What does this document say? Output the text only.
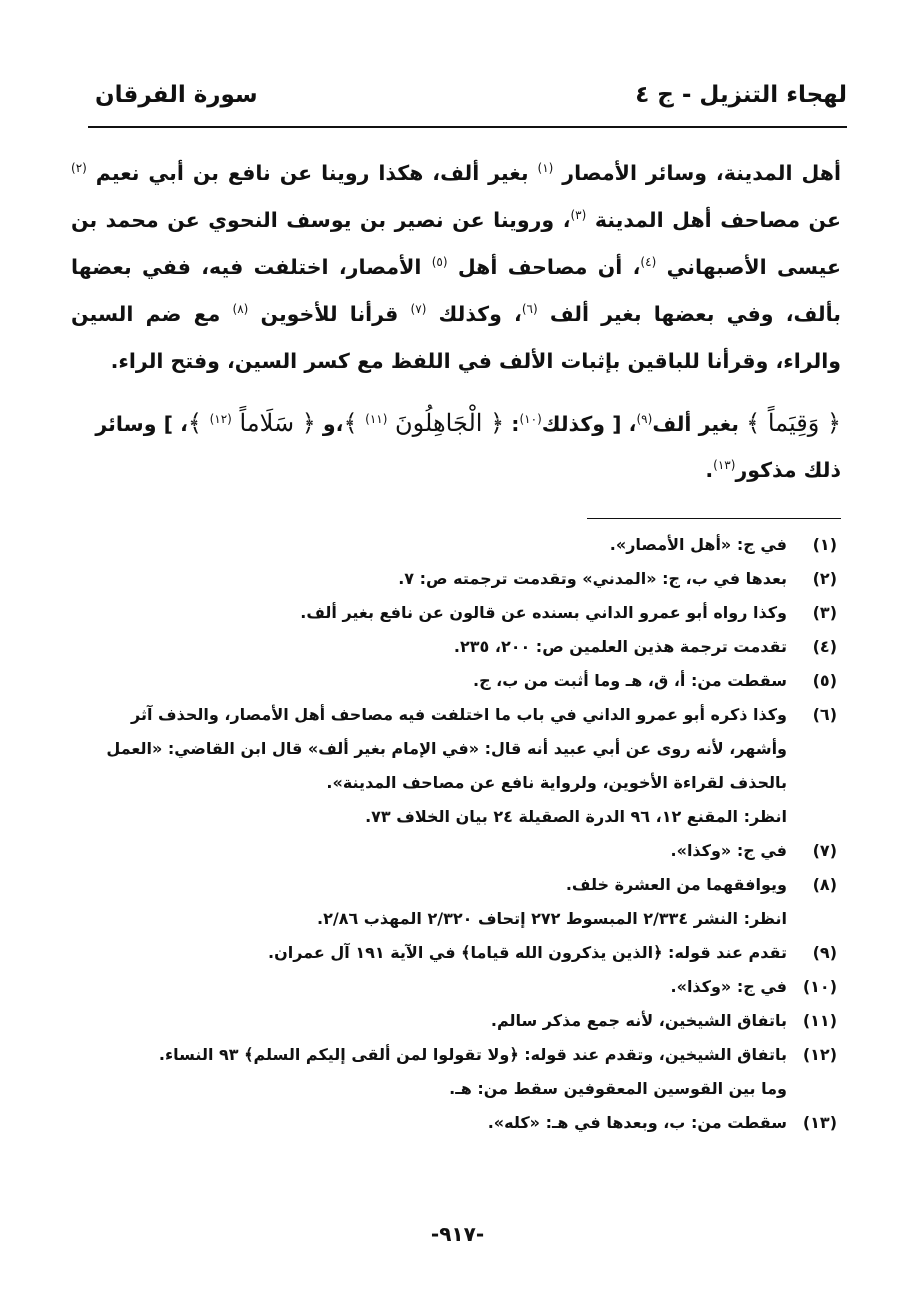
لهجاء التنزيل - ج ٤
سورة الفرقان

أهل المدينة، وسائر الأمصار $^{(١)}$ بغير ألف، هكذا روينا عن نافع بن أبي نعيم $^{(٢)}$ عن مصاحف أهل المدينة $^{(٣)}$، وروينا عن نصير بن يوسف النحوي عن محمد بن عيسى الأصبهاني $^{(٤)}$، أن مصاحف أهل $^{(٥)}$ الأمصار، اختلفت فيه، ففي بعضها بألف، وفي بعضها بغير ألف $^{(٦)}$، وكذلك $^{(٧)}$ قرأنا للأخوين $^{(٨)}$ مع ضم السين والراء، وقرأنا للباقين بإثبات الألف في اللفظ مع كسر السين، وفتح الراء.

﴿ وَقِيَماً ﴾ بغير ألف$^{(٩)}$، [ وكذلك$^{(١٠)}$: ﴿ الْجَاهِلُونَ $^{(١١)}$ ﴾،و ﴿ سَلَاماً $^{(١٢)}$ ﴾، ] وسائر ذلك مذكور$^{(١٣)}$.

(١)
في ج: «أهل الأمصار».
(٢)
بعدها في ب، ج: «المدني» وتقدمت ترجمته ص: ٧.
(٣)
وكذا رواه أبو عمرو الداني بسنده عن قالون عن نافع بغير ألف.
(٤)
تقدمت ترجمة هذين العلمين ص: ٢٠٠، ٢٣٥.
(٥)
سقطت من: أ، ق، هـ وما أثبت من ب، ج.
(٦)
وكذا ذكره أبو عمرو الداني في باب ما اختلفت فيه مصاحف أهل الأمصار، والحذف آثر وأشهر، لأنه روى عن أبي عبيد أنه قال: «في الإمام بغير ألف» قال ابن القاضي: «العمل بالحذف لقراءة الأخوين، ولرواية نافع عن مصاحف المدينة».
انظر: المقنع ١٢، ٩٦ الدرة الصقيلة ٢٤ بيان الخلاف ٧٣.
(٧)
في ج: «وكذا».
(٨)
ويوافقهما من العشرة خلف.
انظر: النشر ٢/٣٣٤ المبسوط ٢٧٢ إتحاف ٢/٣٢٠ المهذب ٢/٨٦.
(٩)
تقدم عند قوله: ﴿الذين يذكرون الله قياما﴾ في الآية ١٩١ آل عمران.
(١٠)
في ج: «وكذا».
(١١)
باتفاق الشيخين، لأنه جمع مذكر سالم.
(١٢)
باتفاق الشيخين، وتقدم عند قوله: ﴿ولا تقولوا لمن ألقى إليكم السلم﴾ ٩٣ النساء.
وما بين القوسين المعقوفين سقط من: هـ.
(١٣)
سقطت من: ب، وبعدها في هـ: «كله».
-٩١٧-
